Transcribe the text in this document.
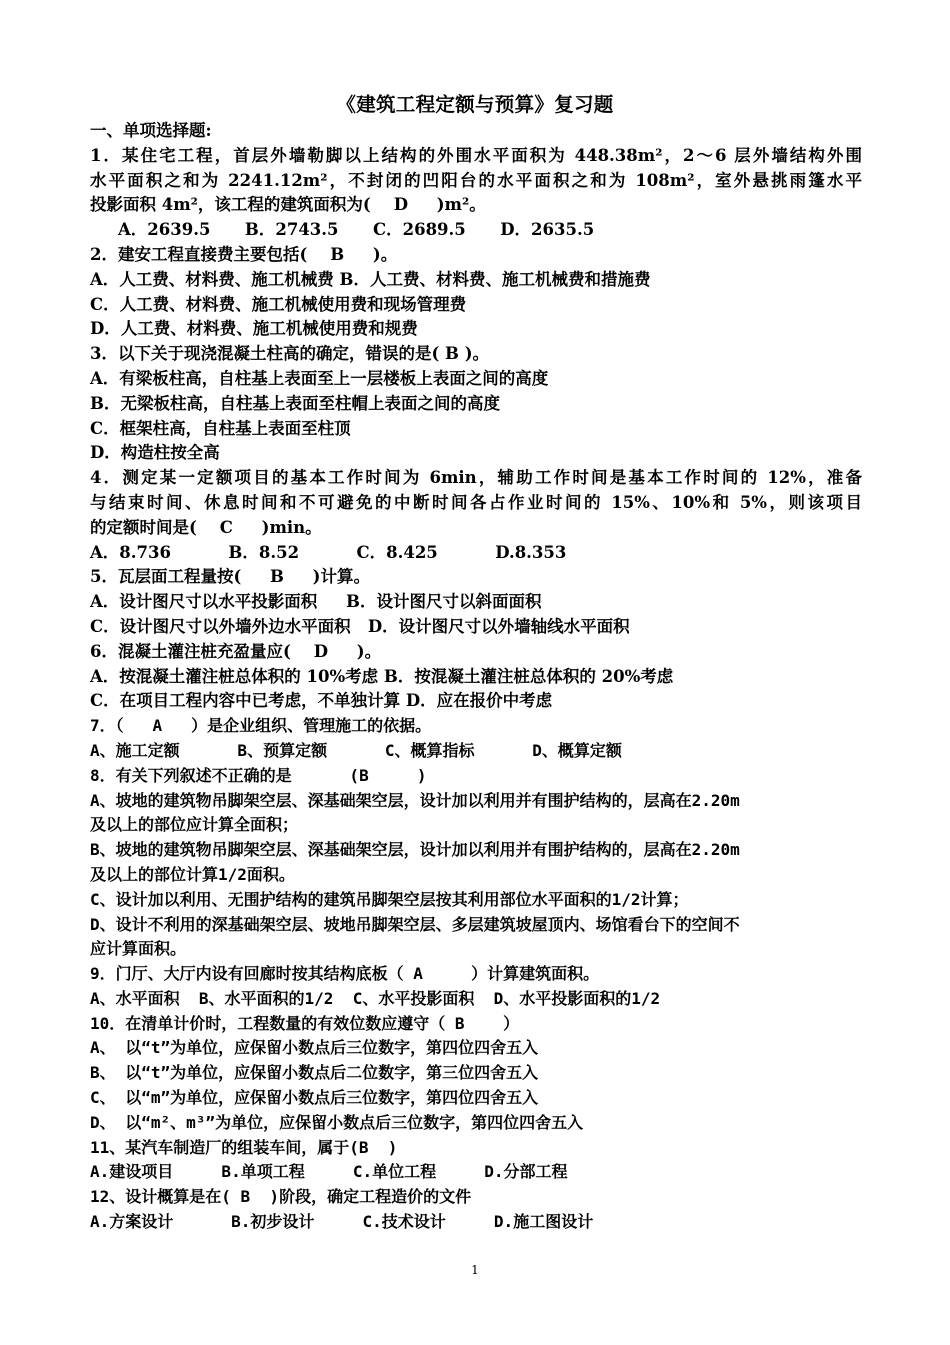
《建筑工程定额与预算》复习题
一、单项选择题:
1．某住宅工程，首层外墙勒脚以上结构的外围水平面积为 448.38m²，2～6 层外墙结构外围
水平面积之和为 2241.12m²，不封闭的凹阳台的水平面积之和为 108m²，室外悬挑雨篷水平
投影面积 4m²，该工程的建筑面积为(    D     )m²。
A．2639.5      B．2743.5      C．2689.5      D．2635.5
2．建安工程直接费主要包括(    B     )。
A．人工费、材料费、施工机械费 B．人工费、材料费、施工机械费和措施费
C．人工费、材料费、施工机械使用费和现场管理费
D．人工费、材料费、施工机械使用费和规费
3．以下关于现浇混凝土柱高的确定，错误的是( B )。
A．有梁板柱高，自柱基上表面至上一层楼板上表面之间的高度
B．无梁板柱高，自柱基上表面至柱帽上表面之间的高度
C．框架柱高，自柱基上表面至柱顶
D．构造柱按全高
4．测定某一定额项目的基本工作时间为 6min，辅助工作时间是基本工作时间的 12%，准备
与结束时间、休息时间和不可避免的中断时间各占作业时间的 15%、10%和 5%，则该项目
的定额时间是(    C     )min。
A．8.736          B．8.52          C．8.425          D.8.353
5．瓦层面工程量按(     B     )计算。
A．设计图尺寸以水平投影面积     B．设计图尺寸以斜面面积
C．设计图尺寸以外墙外边水平面积   D．设计图尺寸以外墙轴线水平面积
6．混凝土灌注桩充盈量应(    D     )。
A．按混凝土灌注桩总体积的 10%考虑 B．按混凝土灌注桩总体积的 20%考虑
C．在项目工程内容中已考虑，不单独计算 D．应在报价中考虑
7．（   A   ）是企业组织、管理施工的依据。
A、施工定额      B、预算定额      C、概算指标      D、概算定额
8．有关下列叙述不正确的是      (B     )
A、坡地的建筑物吊脚架空层、深基础架空层，设计加以利用并有围护结构的，层高在2.20m
及以上的部位应计算全面积；
B、坡地的建筑物吊脚架空层、深基础架空层，设计加以利用并有围护结构的，层高在2.20m
及以上的部位计算1/2面积。
C、设计加以利用、无围护结构的建筑吊脚架空层按其利用部位水平面积的1/2计算；
D、设计不利用的深基础架空层、坡地吊脚架空层、多层建筑坡屋顶内、场馆看台下的空间不
应计算面积。
9．门厅、大厅内设有回廊时按其结构底板（ A     ）计算建筑面积。
A、水平面积  B、水平面积的1/2  C、水平投影面积  D、水平投影面积的1/2
10．在清单计价时，工程数量的有效位数应遵守（ B    ）
A、 以“t”为单位，应保留小数点后三位数字，第四位四舍五入
B、 以“t”为单位，应保留小数点后二位数字，第三位四舍五入
C、 以“m”为单位，应保留小数点后三位数字，第四位四舍五入
D、 以“m²、m³”为单位，应保留小数点后三位数字，第四位四舍五入
11、某汽车制造厂的组装车间，属于(B  )
A.建设项目     B.单项工程     C.单位工程     D.分部工程
12、设计概算是在( B  )阶段，确定工程造价的文件
A.方案设计      B.初步设计     C.技术设计     D.施工图设计
1
